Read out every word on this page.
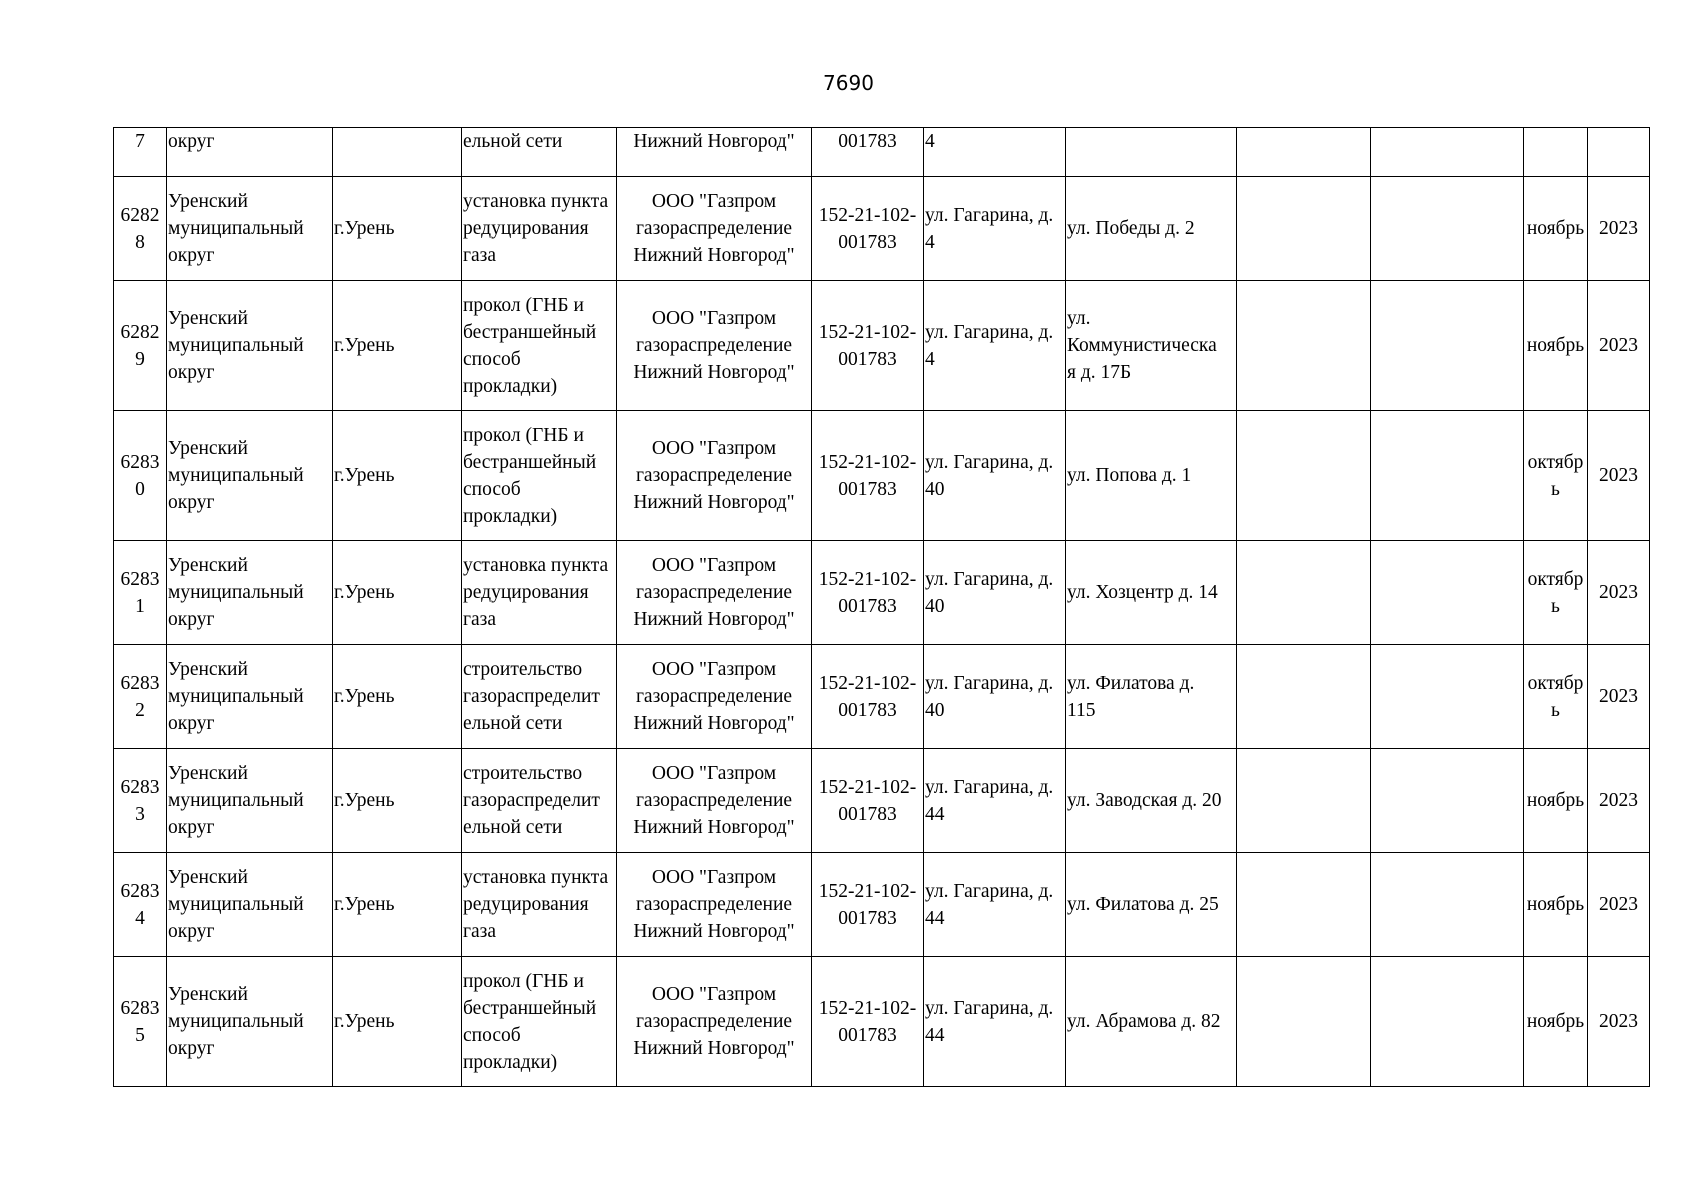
7690
7	округ		ельной сети	Нижний Новгород"	001783	4					
6282
8	Уренский
муниципальный
округ	г.Урень	установка пункта
редуцирования
газа	ООО "Газпром
газораспределение
Нижний Новгород"	152-21-102-
001783	ул. Гагарина, д.
4	ул. Победы д. 2			ноябрь	2023
6282
9	Уренский
муниципальный
округ	г.Урень	прокол (ГНБ и
бестраншейный
способ
прокладки)	ООО "Газпром
газораспределение
Нижний Новгород"	152-21-102-
001783	ул. Гагарина, д.
4	ул.
Коммунистическа
я д. 17Б			ноябрь	2023
6283
0	Уренский
муниципальный
округ	г.Урень	прокол (ГНБ и
бестраншейный
способ
прокладки)	ООО "Газпром
газораспределение
Нижний Новгород"	152-21-102-
001783	ул. Гагарина, д.
40	ул. Попова д. 1			октябр
ь	2023
6283
1	Уренский
муниципальный
округ	г.Урень	установка пункта
редуцирования
газа	ООО "Газпром
газораспределение
Нижний Новгород"	152-21-102-
001783	ул. Гагарина, д.
40	ул. Хозцентр д. 14			октябр
ь	2023
6283
2	Уренский
муниципальный
округ	г.Урень	строительство
газораспределит
ельной сети	ООО "Газпром
газораспределение
Нижний Новгород"	152-21-102-
001783	ул. Гагарина, д.
40	ул. Филатова д.
115			октябр
ь	2023
6283
3	Уренский
муниципальный
округ	г.Урень	строительство
газораспределит
ельной сети	ООО "Газпром
газораспределение
Нижний Новгород"	152-21-102-
001783	ул. Гагарина, д.
44	ул. Заводская д. 20			ноябрь	2023
6283
4	Уренский
муниципальный
округ	г.Урень	установка пункта
редуцирования
газа	ООО "Газпром
газораспределение
Нижний Новгород"	152-21-102-
001783	ул. Гагарина, д.
44	ул. Филатова д. 25			ноябрь	2023
6283
5	Уренский
муниципальный
округ	г.Урень	прокол (ГНБ и
бестраншейный
способ
прокладки)	ООО "Газпром
газораспределение
Нижний Новгород"	152-21-102-
001783	ул. Гагарина, д.
44	ул. Абрамова д. 82			ноябрь	2023
